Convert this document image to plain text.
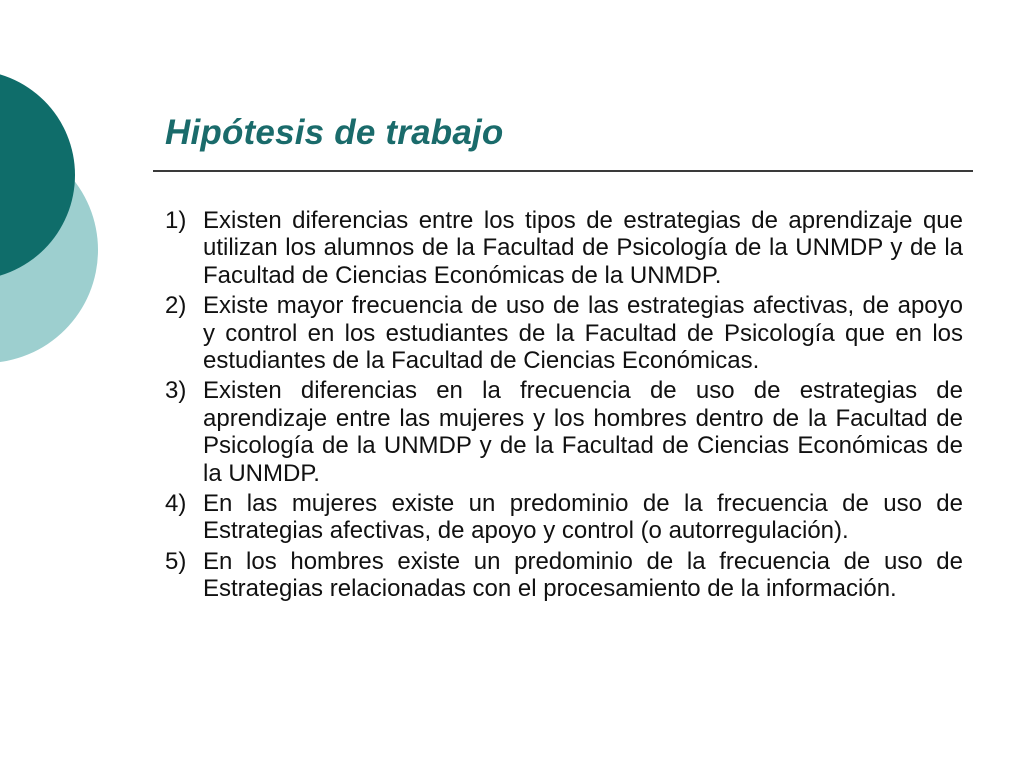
Hipótesis de trabajo
1) Existen diferencias entre los tipos de estrategias de aprendizaje que utilizan los alumnos de la Facultad de Psicología de la UNMDP y de la Facultad de Ciencias Económicas de la UNMDP.
2) Existe mayor frecuencia de uso de las estrategias afectivas, de apoyo y control en los estudiantes de la Facultad de Psicología que en los estudiantes de la Facultad de Ciencias Económicas.
3) Existen diferencias en la frecuencia de uso de estrategias de aprendizaje entre las mujeres y los hombres dentro de la Facultad de Psicología de la UNMDP y de la Facultad de Ciencias Económicas de la UNMDP.
4) En las mujeres existe un predominio de la frecuencia de uso de Estrategias afectivas, de apoyo y control (o autorregulación).
5) En los hombres existe un predominio de la frecuencia de uso de Estrategias relacionadas con el procesamiento de la información.
